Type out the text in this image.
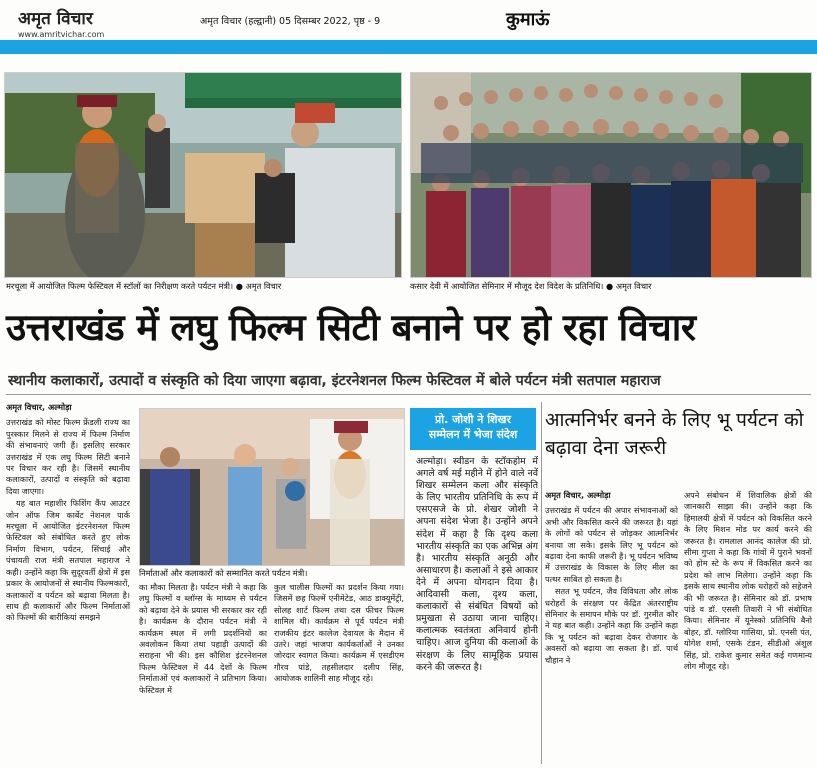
अमृत विचार
www.amritvichar.com
अमृत विचार (हल्द्वानी) 05 दिसम्बर 2022, पृष्ठ - 9	कुमाऊं
मरचूला में आयोजित फिल्म फेस्टिवल में स्टॉलों का निरीक्षण करते पर्यटन मंत्री। ● अमृत विचार	कसार देवी में आयोजित सेमिनार में मौजूद देश विदेश के प्रतिनिधि। ● अमृत विचार
उत्तराखंड में लघु फिल्म सिटी बनाने पर हो रहा विचार
स्थानीय कलाकारों, उत्पादों व संस्कृति को दिया जाएगा बढ़ावा, इंटरनेशनल फिल्म फेस्टिवल में बोले पर्यटन मंत्री सतपाल महाराज
अमृत विचार, अल्मोड़ा

उत्तराखंड को मोस्ट फिल्म फ्रेंडली राज्य का पुरस्कार मिलने से राज्य में फिल्म निर्माण की संभावनाएं जगी हैं। इसलिए सरकार उत्तराखंड में एक लघु फिल्म सिटी बनाने पर विचार कर रही है। जिसमें स्थानीय कलाकारों, उत्पादों व संस्कृति को बढ़ावा दिया जाएगा।

यह बात महाशीर फिशिंग कैंप आउटर जोन ऑफ जिम कार्बेट नेशनल पार्क मरचूला में आयोजित इंटरनेशनल फिल्म फेस्टिवल को संबोधित करते हुए लोक निर्माण विभाग, पर्यटन, सिंचाई और पंचायती राज मंत्री सतपाल महाराज ने कही। उन्होंने कहा कि सुदूरवर्ती क्षेत्रों में इस प्रकार के आयोजनों से स्थानीय फिल्मकारों, कलाकारों व पर्यटन को बढ़ावा मिलता है। साथ ही कलाकारों और फिल्म निर्माताओं को फिल्मों की बारीकियां समझने

निर्माताओं और कलाकारों को सम्मानित करते पर्यटन मंत्री।

का मौका मिलता है। पर्यटन मंत्री ने कहा कि लघु फिल्मों व ब्लॉग्स के माध्यम से पर्यटन को बढ़ावा देने के प्रयास भी सरकार कर रही है। कार्यक्रम के दौरान पर्यटन मंत्री ने कार्यक्रम स्थल में लगी प्रदर्शनियों का अवलोकन किया तथा पहाड़ी उत्पादों की सराहना भी की। इस कौशिश इंटरनेशनल फिल्म फेस्टिवल में 44 देशों के फिल्म निर्माताओं एवं कलाकारों ने प्रतिभाग किया। फेस्टिवल में

कुल चालीस फिल्मों का प्रदर्शन किया गया। जिसमें छह फिल्में एनीमेटेड, आठ डाक्यूमेंट्री, सोलह शार्ट फिल्म तथा दस फीचर फिल्म शामिल थी। कार्यक्रम से पूर्व पर्यटन मंत्री राजकीय इंटर कालेज देवायल के मैदान में उतरे। जहां भाजपा कार्यकर्ताओं ने उनका जोरदार स्वागत किया। कार्यक्रम में एसडीएम गौरव पांडे, तहसीलदार दलीप सिंह, आयोजक शालिनी साह मौजूद रहे।

प्रो. जोशी ने शिखर
सम्मेलन में भेजा संदेश
अल्मोड़ा। स्वीडन के स्टॉकहोम में अगले वर्ष मई महीने में होने वाले नवें शिखर सम्मेलन कला और संस्कृति के लिए भारतीय प्रतिनिधि के रूप में एसएसजे के प्रो. शेखर जोशी ने अपना संदेश भेजा है। उन्होंने अपने संदेश में कहा है कि दृश्य कला भारतीय संस्कृति का एक अभिन्न अंग है। भारतीय संस्कृति अनूठी और असाधारण है। कलाओं ने इसे आकार देने में अपना योगदान दिया है। आदिवासी कला, दृश्य कला, कलाकारों से संबंधित विषयों को प्रमुखता से उठाया जाना चाहिए। कलात्मक स्वतंत्रता अनिवार्य होनी चाहिए। आज दुनिया की कलाओं के संरक्षण के लिए सामूहिक प्रयास करने की जरूरत है।
आत्मनिर्भर बनने के लिए भू पर्यटन को बढ़ावा देना जरूरी
अमृत विचार, अल्मोड़ा

उत्तराखंड में पर्यटन की अपार संभावनाओं को अभी और विकसित करने की जरूरत है। यहां के लोगों को पर्यटन से जोड़कर आत्मनिर्भर बनाया जा सके। इसके लिए भू पर्यटन को बढ़ावा देना काफी जरूरी है। भू पर्यटन भविष्य में उत्तराखंड के विकास के लिए मील का पत्थर साबित हो सकता है।

सतत भू पर्यटन, जैव विविधता और लोक धरोहरों के संरक्षण पर केंद्रित अंतरराष्ट्रीय सेमिनार के समापन मौके पर डॉ. गुरमीत कौर ने यह बात कही। उन्होंने कहा कि उन्होंने कहा कि भू पर्यटन को बढ़ावा देकर रोजगार के अवसरों को बढ़ाया जा सकता है। डॉ. पार्थ चौहान ने

अपने संबोधन में शिवालिक क्षेत्रों की जानकारी साझा की। उन्होंने कहा कि हिमालयी क्षेत्रों में पर्यटन को विकसित करने के लिए मिशन मोड पर कार्य करने की जरूरत है। रामलाल आनंद कालेज की प्रो. सीमा गुप्ता ने कहा कि गांवों में पुराने भवनों को होम स्टे के रूप में विकसित करने का प्रदेश को लाभ मिलेगा। उन्होंने कहा कि इसके साथ स्थानीय लोक धरोहरों को सहेजने की भी जरूरत है। सेमिनार को डॉ. प्रभाष पांडे व डॉ. एससी तिवारी ने भी संबोधित किया। सेमिनार में यूनेस्को प्रतिनिधि बैनो बोहर, डॉ. ग्लोरिया गासिया, प्रो. एनसी पंत, योगेश शर्मा, एसके टंडन, सीडीओ अंशुल सिंह, प्रो. राकेश कुमार समेत कई गणमान्य लोग मौजूद रहे।
